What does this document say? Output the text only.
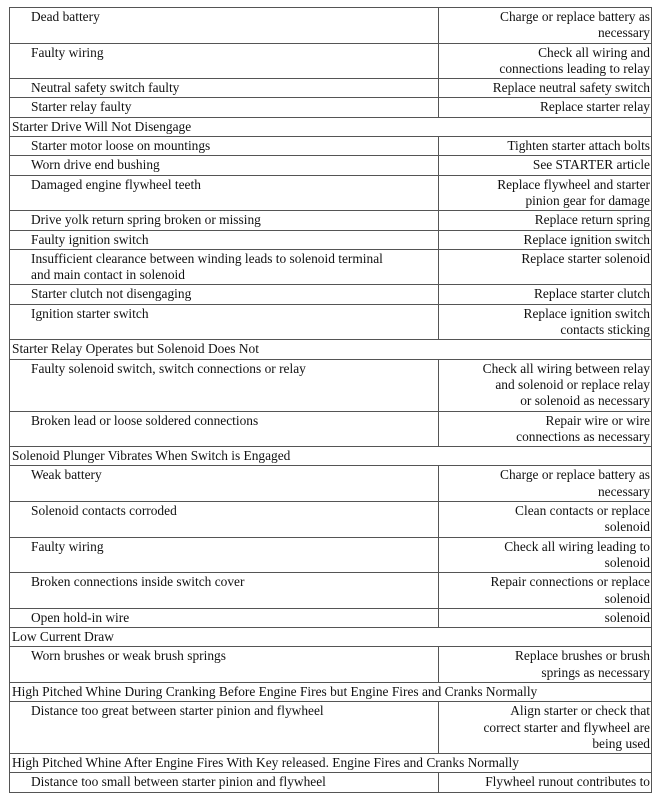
Dead battery	Charge or replace battery as
necessary

Faulty wiring	Check all wiring and
connections leading to relay

Neutral safety switch faulty	Replace neutral safety switch

Starter relay faulty	Replace starter relay

Starter Drive Will Not Disengage	

Starter motor loose on mountings	Tighten starter attach bolts

Worn drive end bushing	See STARTER article

Damaged engine flywheel teeth	Replace flywheel and starter
pinion gear for damage

Drive yolk return spring broken or missing	Replace return spring

Faulty ignition switch	Replace ignition switch

Insufficient clearance between winding leads to solenoid terminal
and main contact in solenoid	Replace starter solenoid

Starter clutch not disengaging	Replace starter clutch

Ignition starter switch	Replace ignition switch
contacts sticking

Starter Relay Operates but Solenoid Does Not	

Faulty solenoid switch, switch connections or relay	Check all wiring between relay
and solenoid or replace relay
or solenoid as necessary

Broken lead or loose soldered connections	Repair wire or wire
connections as necessary

Solenoid Plunger Vibrates When Switch is Engaged	

Weak battery	Charge or replace battery as
necessary

Solenoid contacts corroded	Clean contacts or replace
solenoid

Faulty wiring	Check all wiring leading to
solenoid

Broken connections inside switch cover	Repair connections or replace
solenoid

Open hold-in wire	solenoid

Low Current Draw	

Worn brushes or weak brush springs	Replace brushes or brush
springs as necessary

High Pitched Whine During Cranking Before Engine Fires but Engine Fires and Cranks Normally	

Distance too great between starter pinion and flywheel	Align starter or check that
correct starter and flywheel are
being used

High Pitched Whine After Engine Fires With Key released. Engine Fires and Cranks Normally	

Distance too small between starter pinion and flywheel	Flywheel runout contributes to
